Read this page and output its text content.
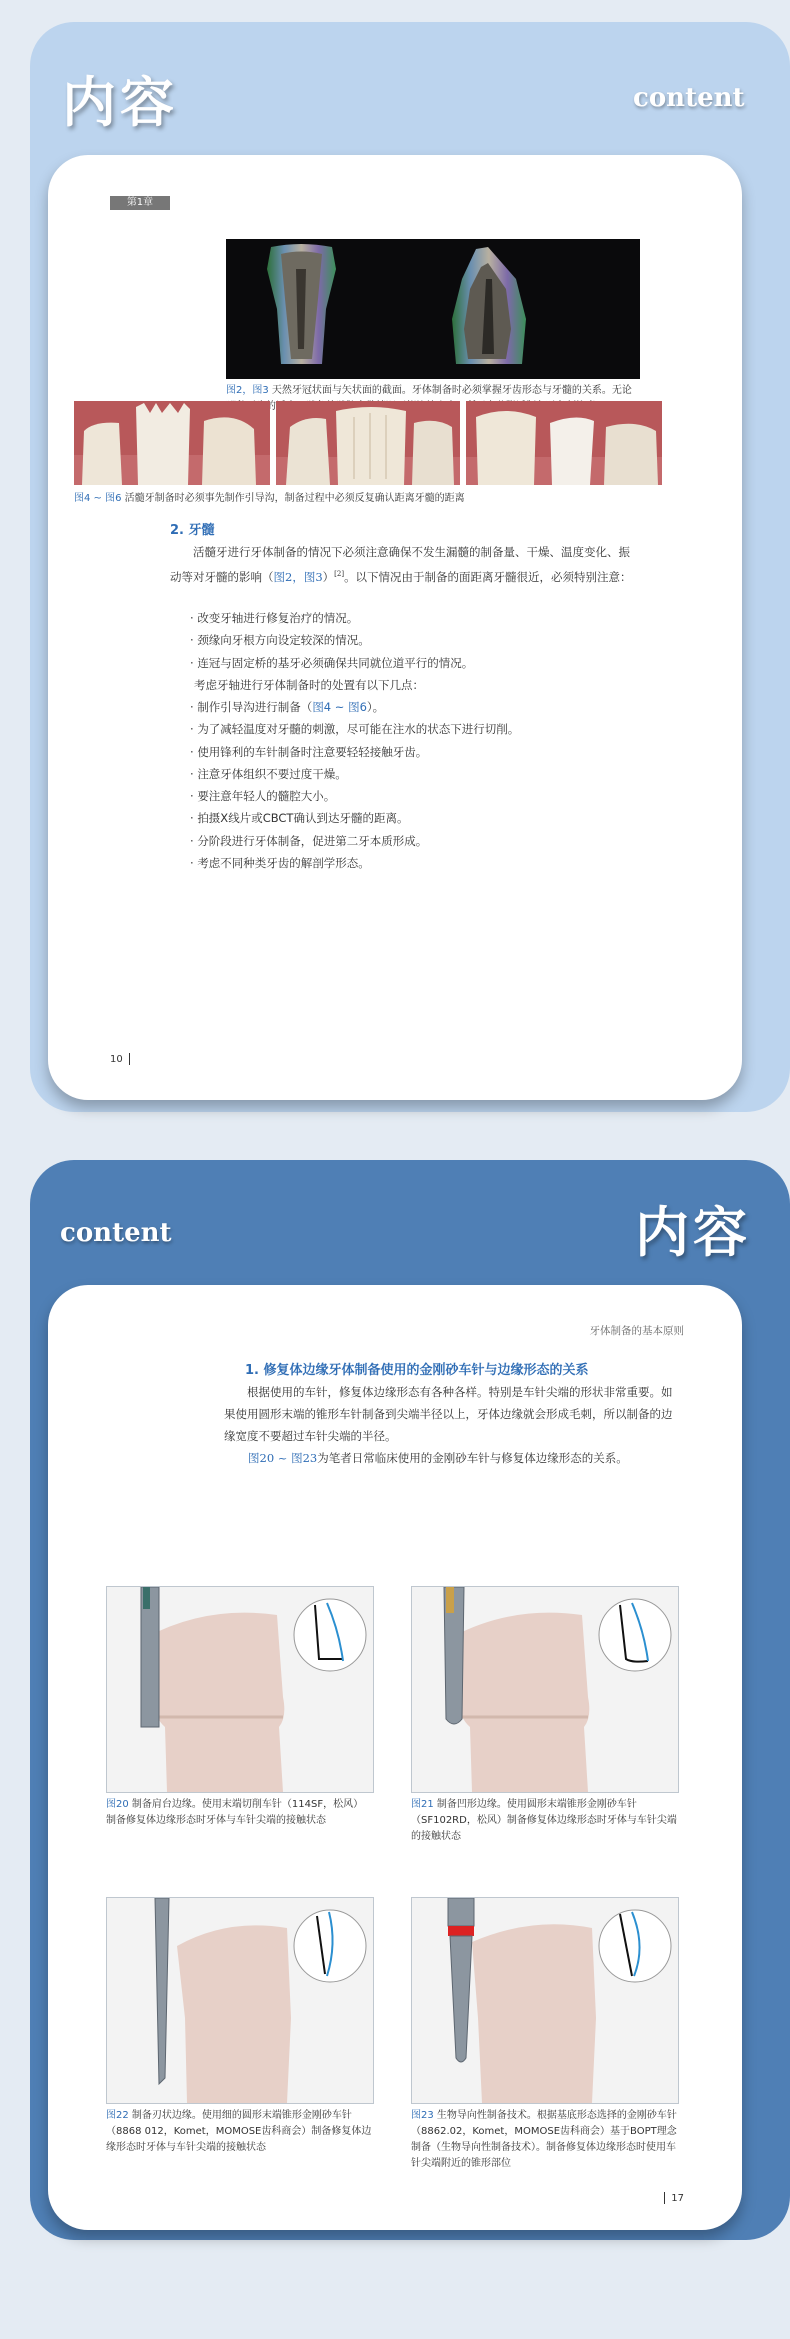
内容	content
第1章
图2，图3 天然牙冠状面与矢状面的截面。牙体制备时必须掌握牙齿形态与牙髓的关系。无论哪种牙齿的近中，髓 ，
图4 ~ 图6 活髓牙制备时必须事先制作引导沟，制备过程中必须反复确认距离牙髓的距离
2. 牙髓
活髓牙进行牙体制备的情况下必须注意确保不发生漏髓的制备量、干燥、温度变化、振动等对牙髓的影响（图2，图3）[2]。以下情况由于制备的面距离牙髓很近，必须特别注意：
· 改变牙轴进行修复治疗的情况。
· 颈缘向牙根方向设定较深的情况。
· 连冠与固定桥的基牙必须确保共同就位道平行的情况。
考虑牙轴进行牙体制备时的处置有以下几点：
· 制作引导沟进行制备（图4 ~ 图6）。
· 为了减轻温度对牙髓的刺激，尽可能在注水的状态下进行切削。
· 使用锋利的车针制备时注意要轻轻接触牙齿。
· 注意牙体组织不要过度干燥。
· 要注意年轻人的髓腔大小。
· 拍摄X线片或CBCT确认到达牙髓的距离。
· 分阶段进行牙体制备，促进第二牙本质形成。
· 考虑不同种类牙齿的解剖学形态。
10
content	内容
牙体制备的基本原则
1. 修复体边缘牙体制备使用的金刚砂车针与边缘形态的关系
根据使用的车针，修复体边缘形态有各种各样。特别是车针尖端的形状非常重要。如果使用圆形末端的锥形车针制备到尖端半径以上，牙体边缘就会形成毛刺，所以制备的边缘宽度不要超过车针尖端的半径。
图20 ~ 图23为笔者日常临床使用的金刚砂车针与修复体边缘形态的关系。
图20 制备肩台边缘。使用末端切削车针（114SF，松风）制备修复体边缘形态时牙体与车针尖端的接触状态
图21 制备凹形边缘。使用圆形末端锥形金刚砂车针（SF102RD，松风）制备修复体边缘形态时牙体与车针尖端的接触状态
图22 制备刃状边缘。使用细的圆形末端锥形金刚砂车针（8868 012，Komet，MOMOSE齿科商会）制备修复体边缘形态时牙体与车针尖端的接触状态
图23 生物导向性制备技术。根据基底形态选择的金刚砂车针（8862.02，Komet，MOMOSE齿科商会）基于BOPT理念制备（生物导向性制备技术）。制备修复体边缘形态时使用车针尖端附近的锥形部位
17
